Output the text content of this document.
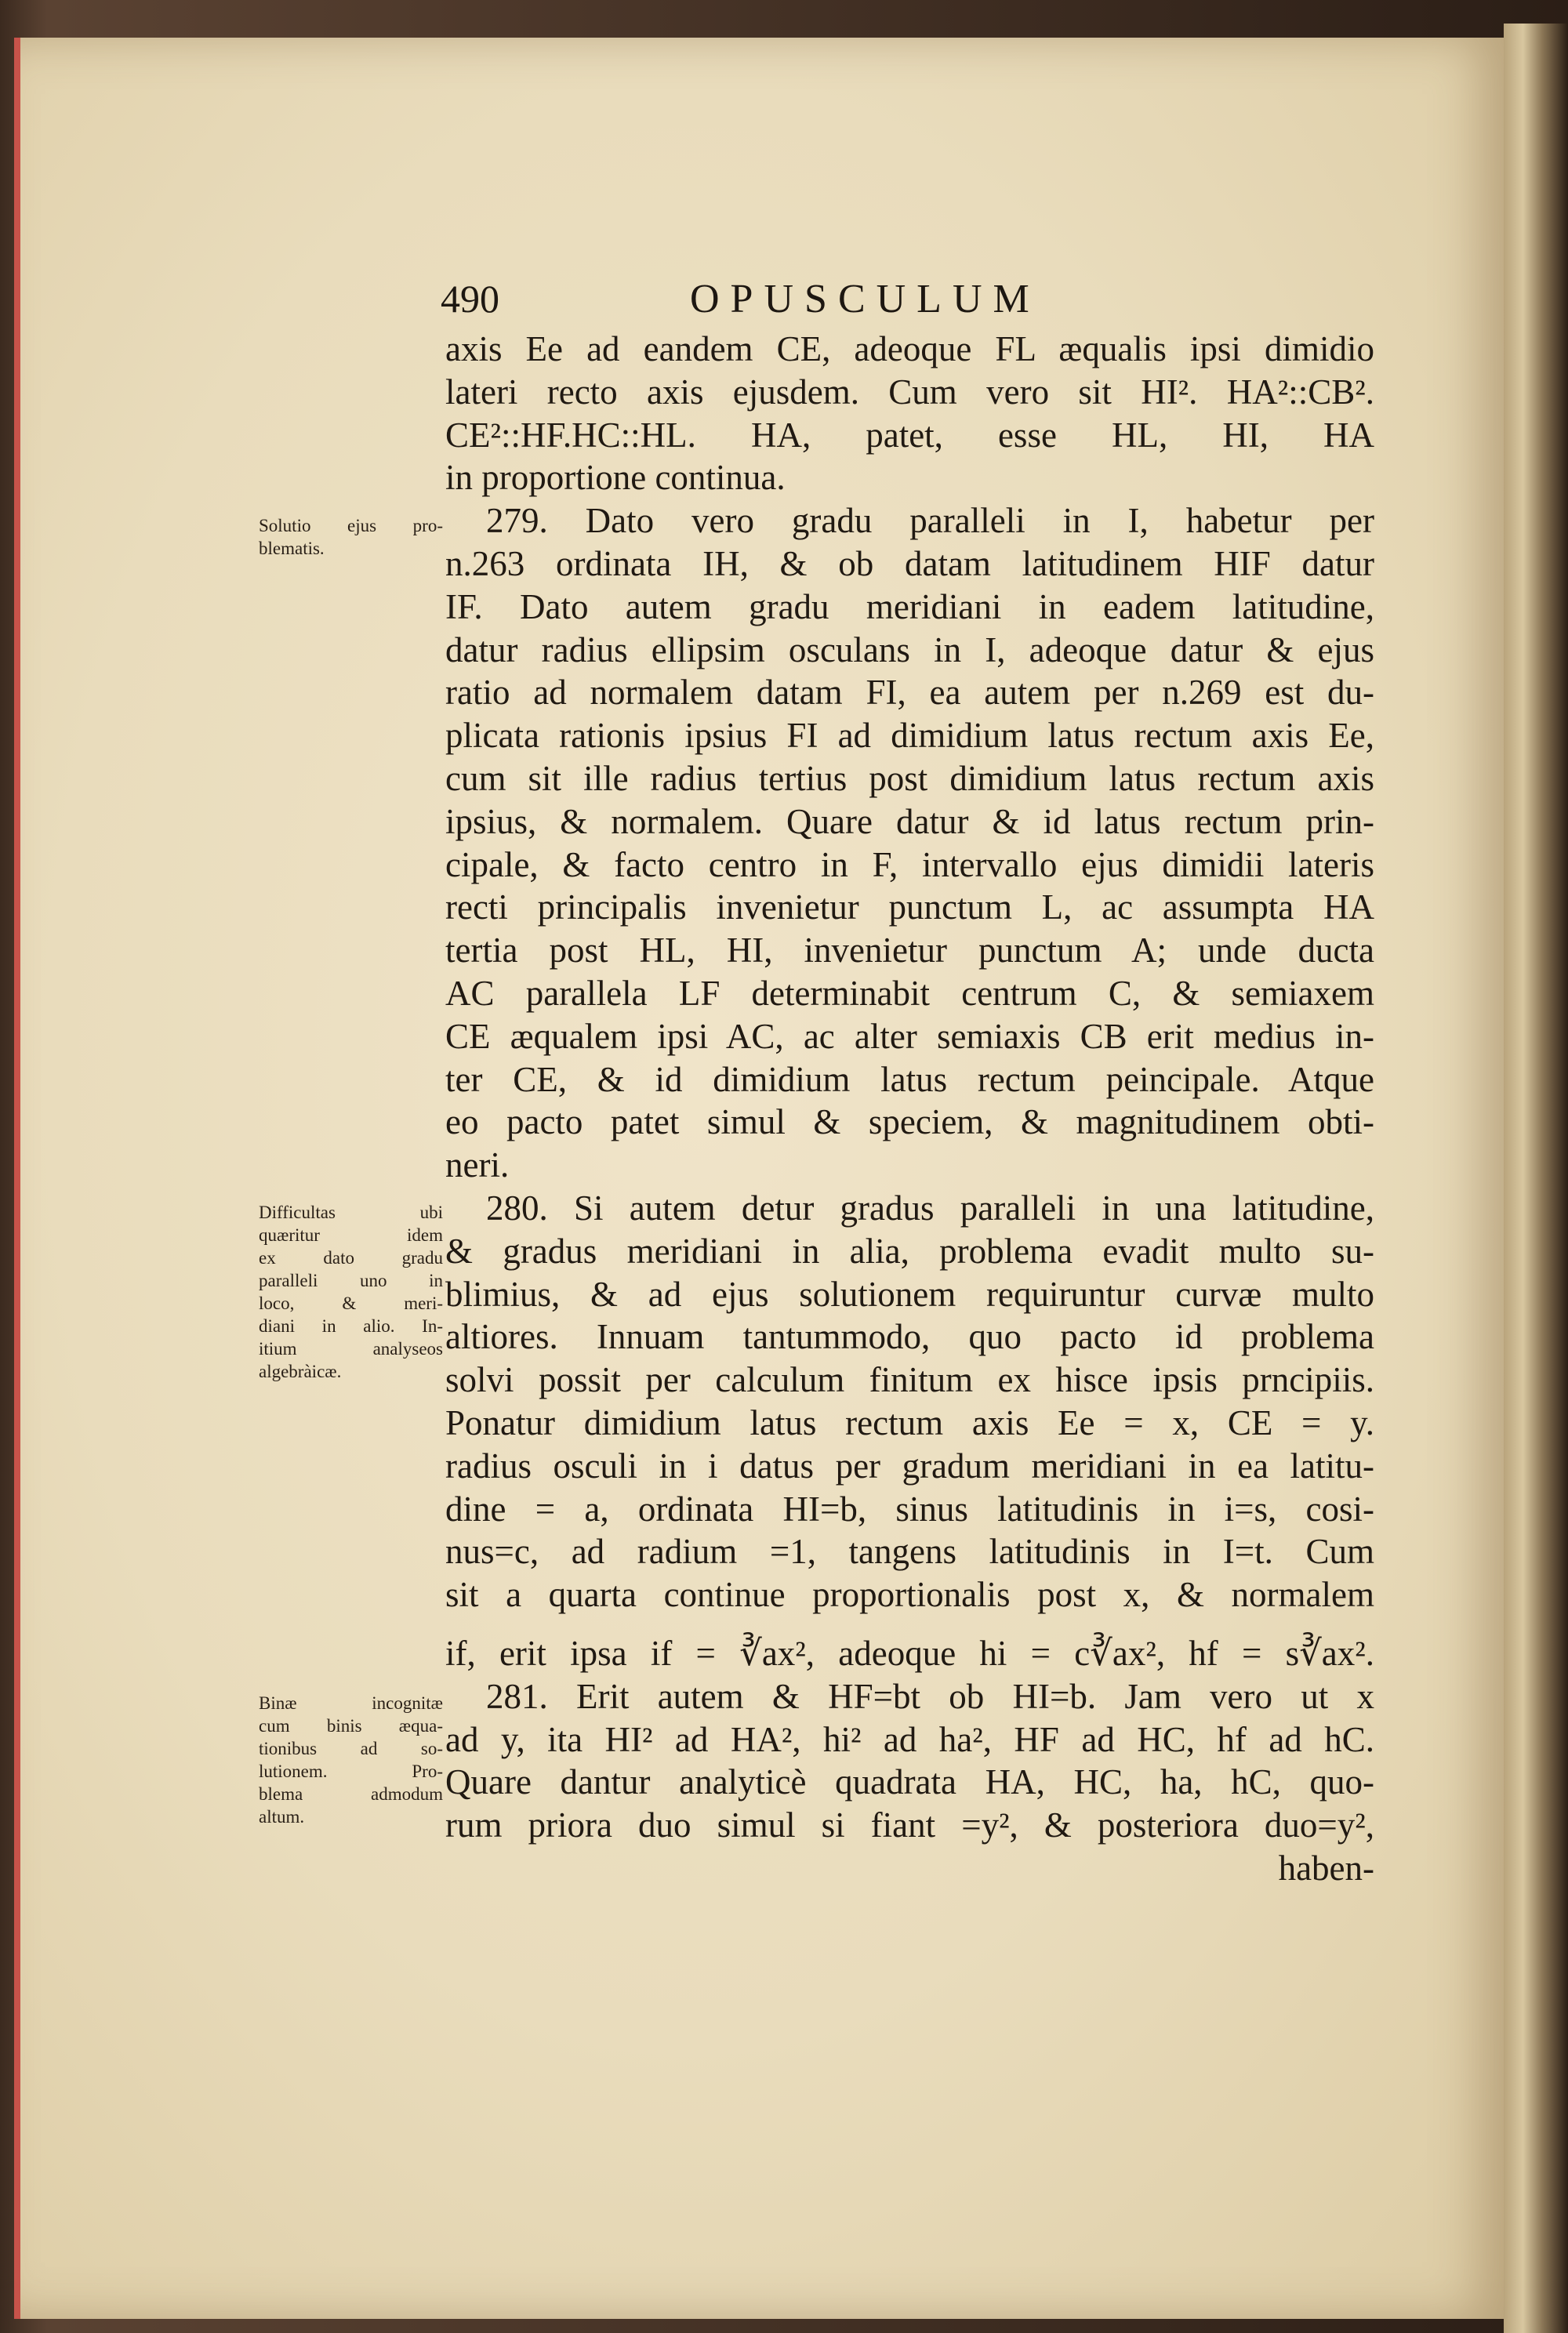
490	OPUSCULUM
Solutio ejus pro-
blematis.
Difficultas ubi
quæritur idem
ex dato gradu
paralleli uno in
loco, & meri-
diani in alio. In-
itium analyseos
algebràicæ.
Binæ incognitæ
cum binis æqua-
tionibus ad so-
lutionem. Pro-
blema admodum
altum.
axis Ee ad eandem CE, adeoque FL æqualis ipsi dimidio
lateri recto axis ejusdem. Cum vero sit HI². HA²::CB².
CE²::HF.HC::HL. HA, patet, esse HL, HI, HA
in proportione continua.
279. Dato vero gradu paralleli in I, habetur per
n.263 ordinata IH, & ob datam latitudinem HIF datur
IF. Dato autem gradu meridiani in eadem latitudine,
datur radius ellipsim osculans in I, adeoque datur & ejus
ratio ad normalem datam FI, ea autem per n.269 est du-
plicata rationis ipsius FI ad dimidium latus rectum axis Ee,
cum sit ille radius tertius post dimidium latus rectum axis
ipsius, & normalem. Quare datur & id latus rectum prin-
cipale, & facto centro in F, intervallo ejus dimidii lateris
recti principalis invenietur punctum L, ac assumpta HA
tertia post HL, HI, invenietur punctum A; unde ducta
AC parallela LF determinabit centrum C, & semiaxem
CE æqualem ipsi AC, ac alter semiaxis CB erit medius in-
ter CE, & id dimidium latus rectum peincipale. Atque
eo pacto patet simul & speciem, & magnitudinem obti-
neri.
280. Si autem detur gradus paralleli in una latitudine,
& gradus meridiani in alia, problema evadit multo su-
blimius, & ad ejus solutionem requiruntur curvæ multo
altiores. Innuam tantummodo, quo pacto id problema
solvi possit per calculum finitum ex hisce ipsis prncipiis.
Ponatur dimidium latus rectum axis Ee = x, CE = y.
radius osculi in i datus per gradum meridiani in ea latitu-
dine = a, ordinata HI=b, sinus latitudinis in i=s, cosi-
nus=c, ad radium =1, tangens latitudinis in I=t. Cum
sit a quarta continue proportionalis post x, & normalem
if, erit ipsa if = ∛ax², adeoque hi = c∛ax², hf = s∛ax².
281. Erit autem & HF=bt ob HI=b. Jam vero ut x
ad y, ita HI² ad HA², hi² ad ha², HF ad HC, hf ad hC.
Quare dantur analyticè quadrata HA, HC, ha, hC, quo-
rum priora duo simul si fiant =y², & posteriora duo=y²,
haben-
